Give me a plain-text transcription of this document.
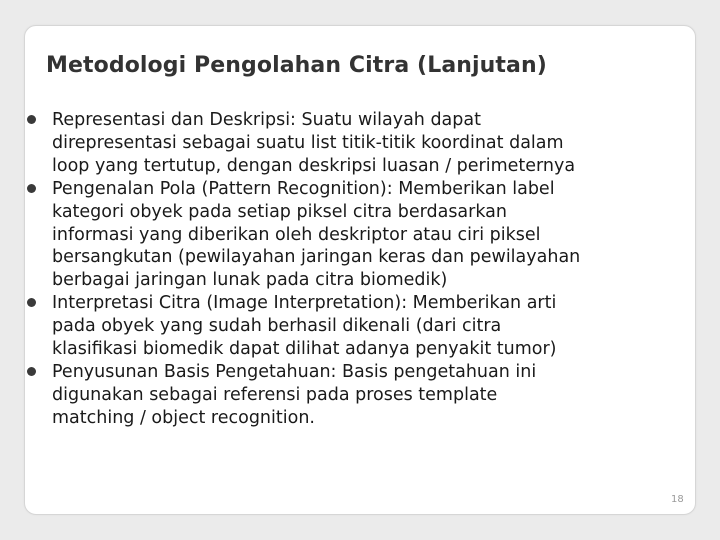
Metodologi Pengolahan Citra (Lanjutan)
Representasi dan Deskripsi: Suatu wilayah dapat
direpresentasi sebagai suatu list titik-titik koordinat dalam
loop yang tertutup, dengan deskripsi luasan / perimeternya
Pengenalan Pola (Pattern Recognition): Memberikan label
kategori obyek pada setiap piksel citra berdasarkan
informasi yang diberikan oleh deskriptor atau ciri piksel
bersangkutan (pewilayahan jaringan keras dan pewilayahan
berbagai jaringan lunak pada citra biomedik)
Interpretasi Citra (Image Interpretation): Memberikan arti
pada obyek yang sudah berhasil dikenali (dari citra
klasifikasi biomedik dapat dilihat adanya penyakit tumor)
Penyusunan Basis Pengetahuan: Basis pengetahuan ini
digunakan sebagai referensi pada proses template
matching / object recognition.
18
